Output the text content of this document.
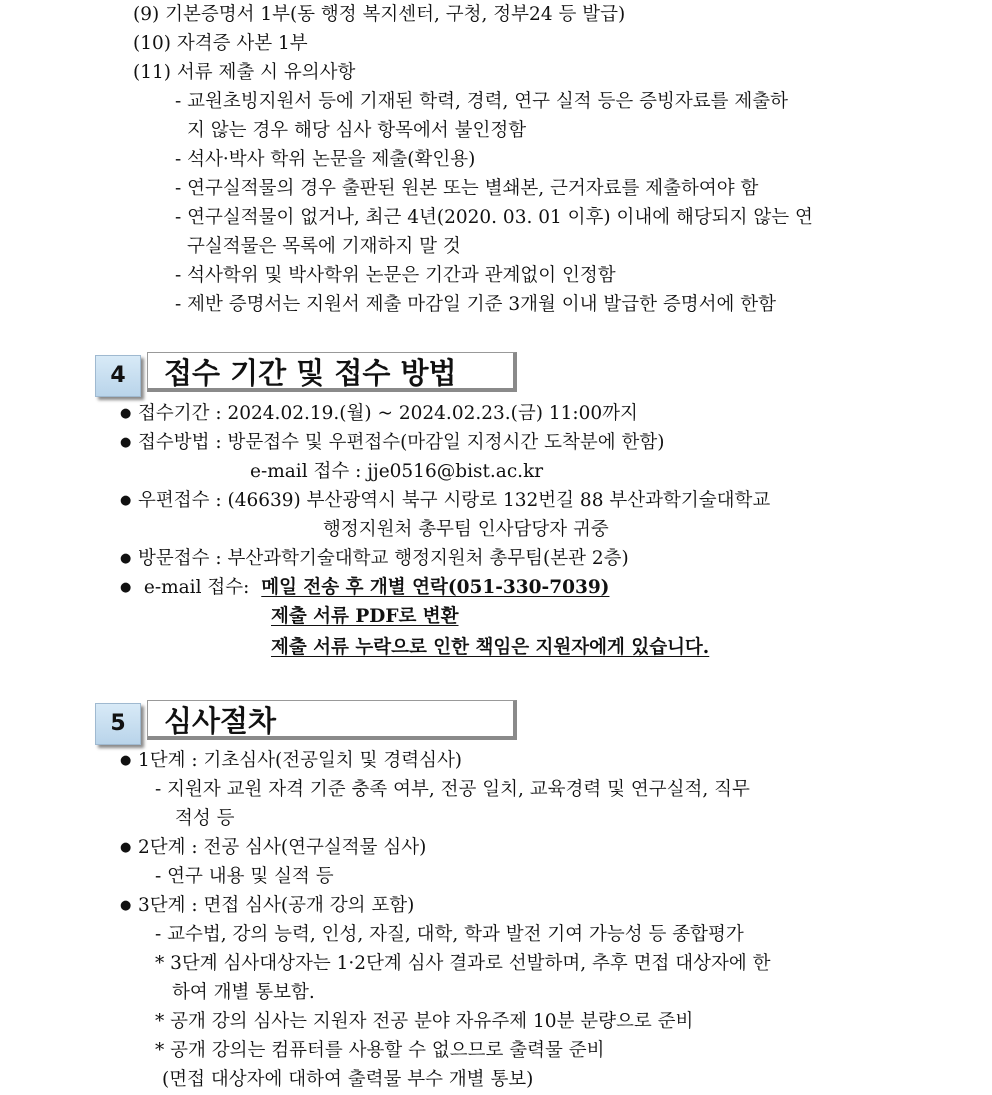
(9) 기본증명서 1부(동 행정 복지센터, 구청, 정부24 등 발급)
(10) 자격증 사본 1부
(11) 서류 제출 시 유의사항
- 교원초빙지원서 등에 기재된 학력, 경력, 연구 실적 등은 증빙자료를 제출하
지 않는 경우 해당 심사 항목에서 불인정함
- 석사·박사 학위 논문을 제출(확인용)
- 연구실적물의 경우 출판된 원본 또는 별쇄본, 근거자료를 제출하여야 함
- 연구실적물이 없거나, 최근 4년(2020. 03. 01 이후) 이내에 해당되지 않는 연
구실적물은 목록에 기재하지 말 것
- 석사학위 및 박사학위 논문은 기간과 관계없이 인정함
- 제반 증명서는 지원서 제출 마감일 기준 3개월 이내 발급한 증명서에 한함
4	접수 기간 및 접수 방법
● 접수기간 : 2024.02.19.(월) ~ 2024.02.23.(금) 11:00까지
● 접수방법 : 방문접수 및 우편접수(마감일 지정시간 도착분에 한함)
e-mail 접수 : jje0516@bist.ac.kr
● 우편접수 : (46639) 부산광역시 북구 시랑로 132번길 88 부산과학기술대학교
행정지원처 총무팀 인사담당자 귀중
● 방문접수 : 부산과학기술대학교 행정지원처 총무팀(본관 2층)
● e-mail 접수: 메일 전송 후 개별 연락(051-330-7039)
제출 서류 PDF로 변환
제출 서류 누락으로 인한 책임은 지원자에게 있습니다.
5	심사절차
● 1단계 : 기초심사(전공일치 및 경력심사)
- 지원자 교원 자격 기준 충족 여부, 전공 일치, 교육경력 및 연구실적, 직무
적성 등
● 2단계 : 전공 심사(연구실적물 심사)
- 연구 내용 및 실적 등
● 3단계 : 면접 심사(공개 강의 포함)
- 교수법, 강의 능력, 인성, 자질, 대학, 학과 발전 기여 가능성 등 종합평가
* 3단계 심사대상자는 1·2단계 심사 결과로 선발하며, 추후 면접 대상자에 한
하여 개별 통보함.
* 공개 강의 심사는 지원자 전공 분야 자유주제 10분 분량으로 준비
* 공개 강의는 컴퓨터를 사용할 수 없으므로 출력물 준비
(면접 대상자에 대하여 출력물 부수 개별 통보)
